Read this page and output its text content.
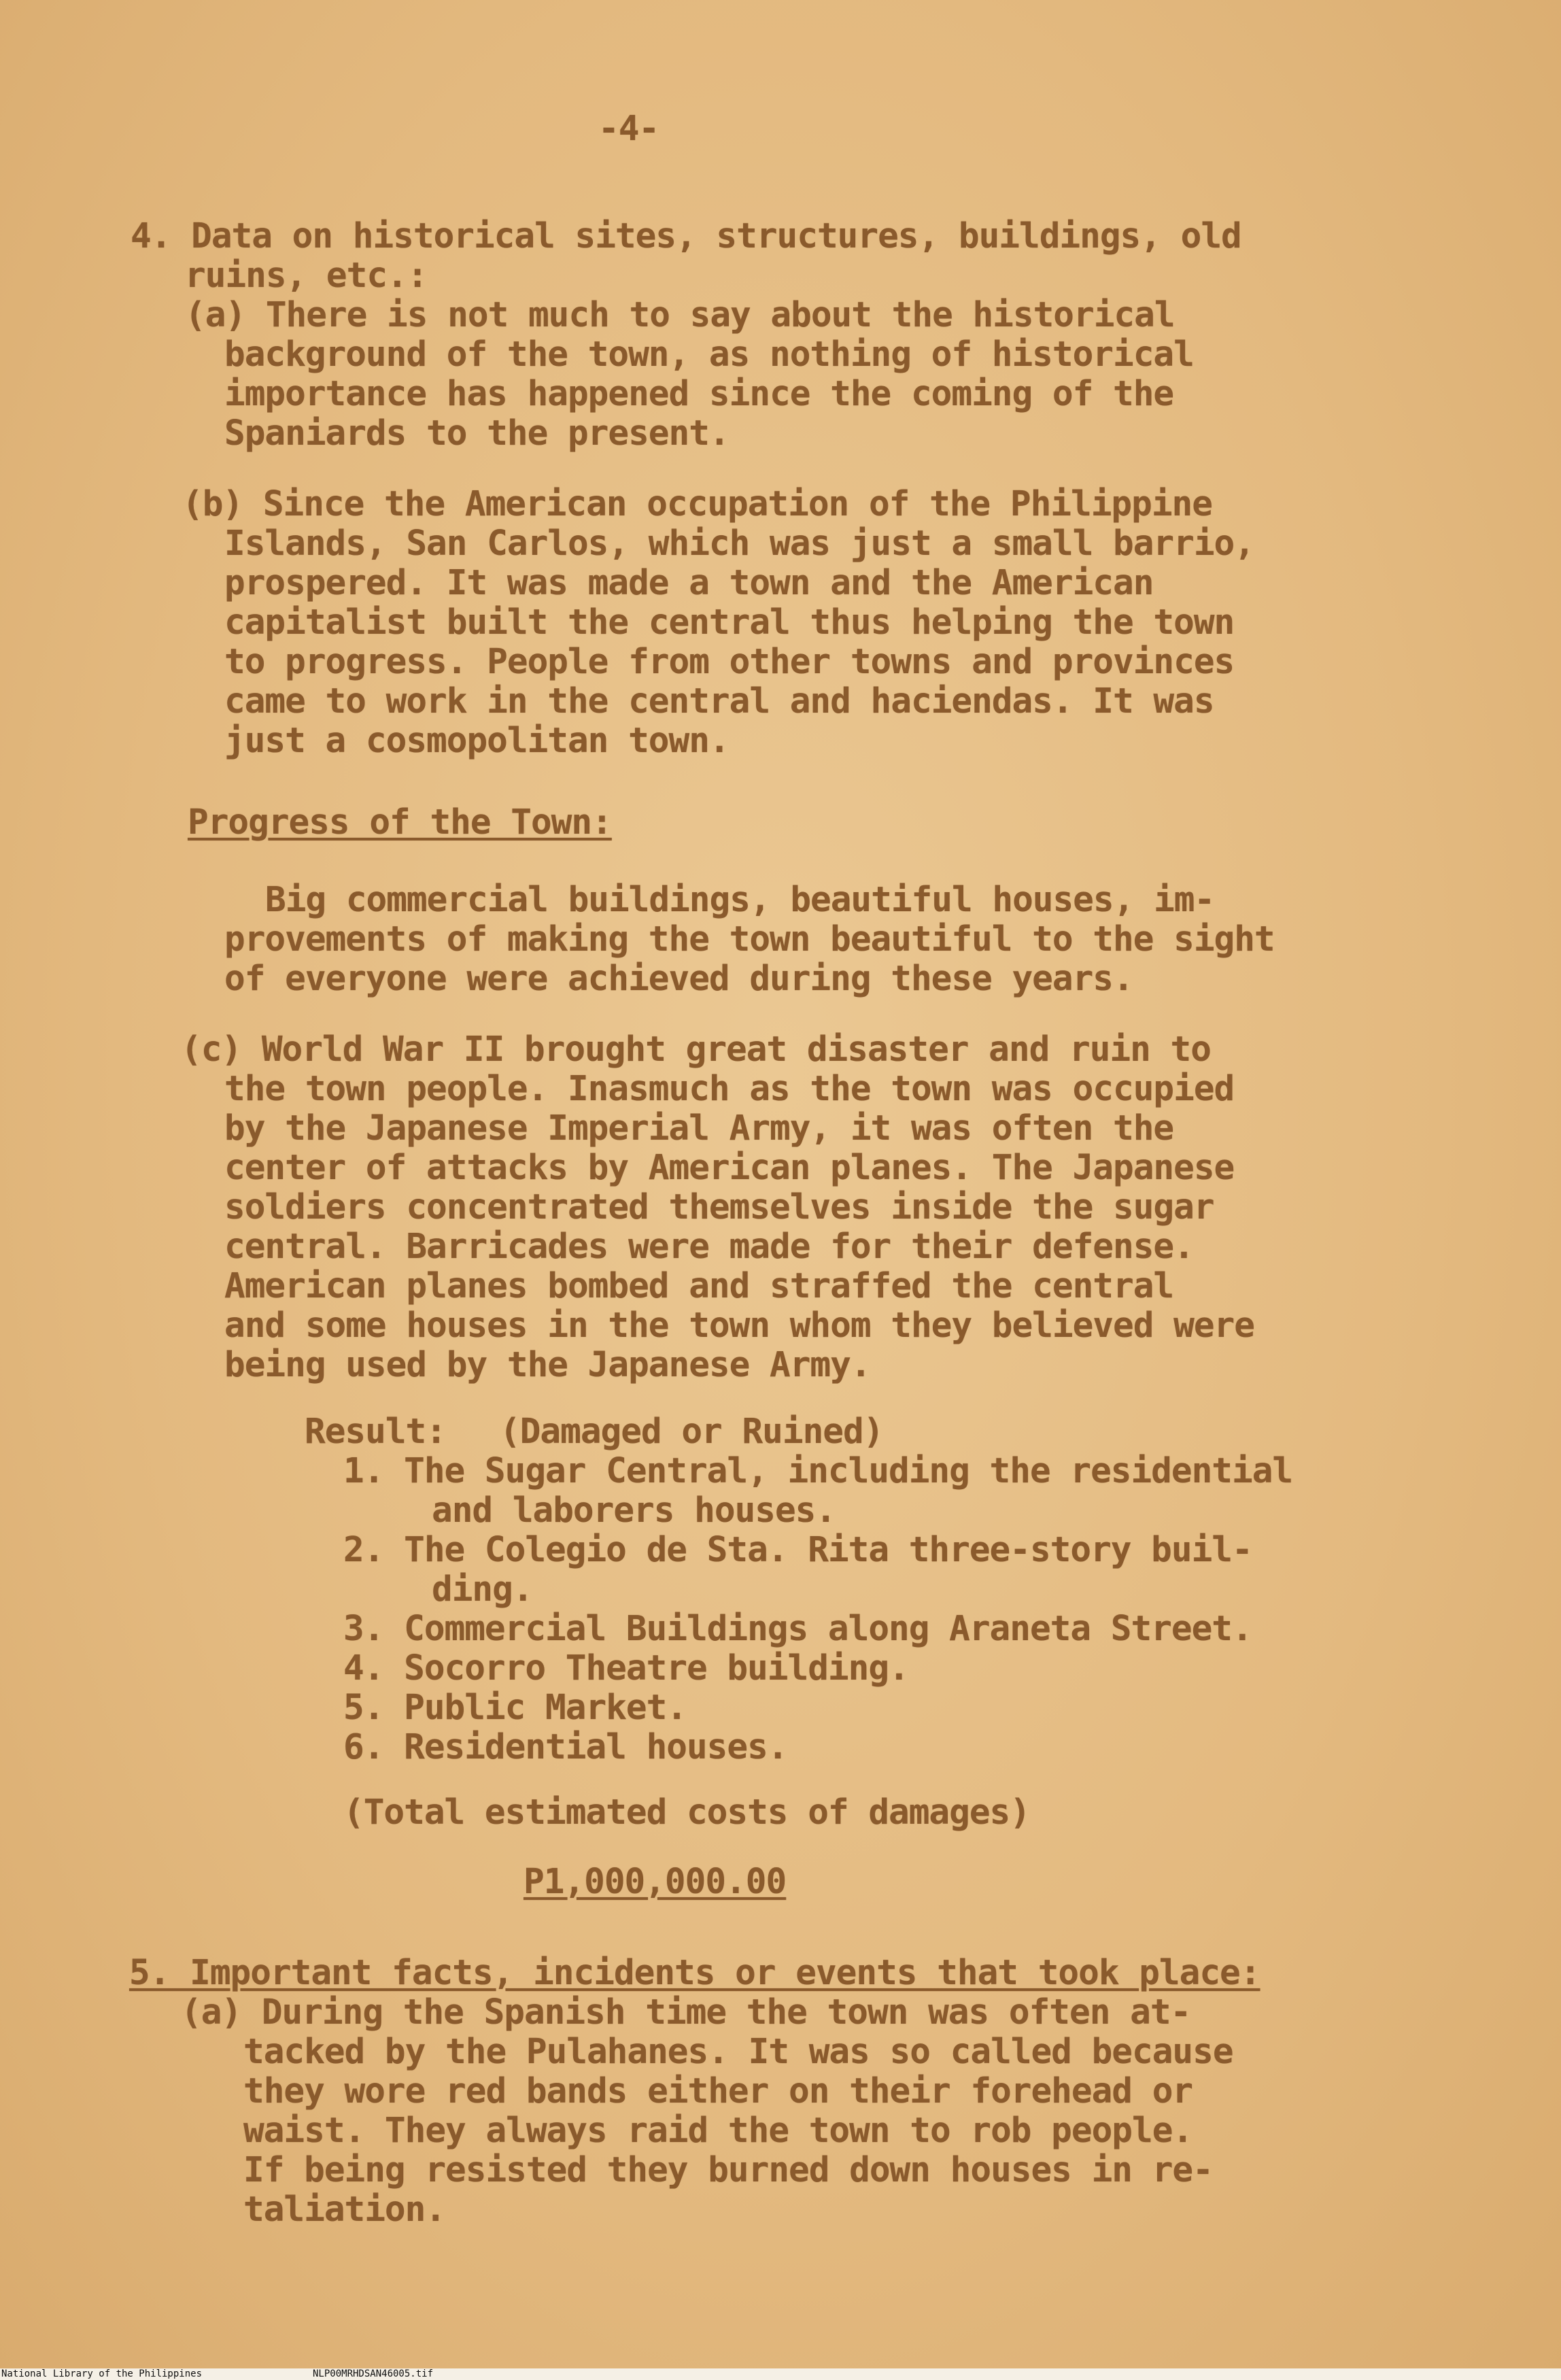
-4-
4. Data on historical sites, structures, buildings, old
ruins, etc.:
(a) There is not much to say about the historical
background of the town, as nothing of historical
importance has happened since the coming of the
Spaniards to the present.
(b) Since the American occupation of the Philippine
Islands, San Carlos, which was just a small barrio,
prospered. It was made a town and the American
capitalist built the central thus helping the town
to progress. People from other towns and provinces
came to work in the central and haciendas. It was
just a cosmopolitan town.
Progress of the Town:
Big commercial buildings, beautiful houses, im-
provements of making the town beautiful to the sight
of everyone were achieved during these years.
(c) World War II brought great disaster and ruin to
the town people. Inasmuch as the town was occupied
by the Japanese Imperial Army, it was often the
center of attacks by American planes. The Japanese
soldiers concentrated themselves inside the sugar
central. Barricades were made for their defense.
American planes bombed and straffed the central
and some houses in the town whom they believed were
being used by the Japanese Army.
Result: (Damaged or Ruined)
1. The Sugar Central, including the residential
and laborers houses.
2. The Colegio de Sta. Rita three-story buil-
ding.
3. Commercial Buildings along Araneta Street.
4. Socorro Theatre building.
5. Public Market.
6. Residential houses.
(Total estimated costs of damages)
P1,000,000.00
5. Important facts, incidents or events that took place:
(a) During the Spanish time the town was often at-
tacked by the Pulahanes. It was so called because
they wore red bands either on their forehead or
waist. They always raid the town to rob people.
If being resisted they burned down houses in re-
taliation.

National Library of the Philippines

	NLP00MRHDSAN46005.tif
